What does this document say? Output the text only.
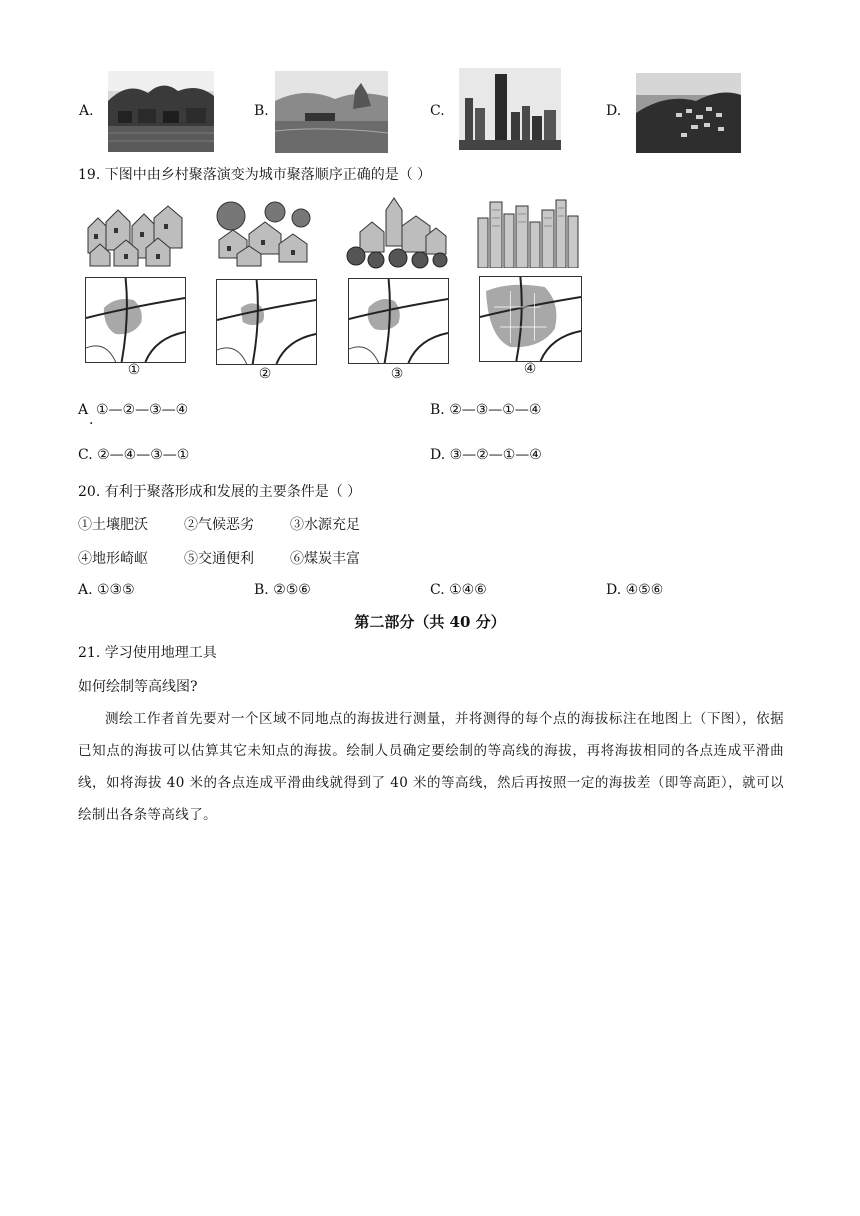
A.	B.	C.	D.
19. 下图中由乡村聚落演变为城市聚落顺序正确的是（ ）
①	②	③	④
A ①—②—③—④
.
B. ②—③—①—④
C. ②—④—③—①	D. ③—②—①—④
20. 有利于聚落形成和发展的主要条件是（ ）
①土壤肥沃	②气候恶劣	③水源充足
④地形崎岖	⑤交通便利	⑥煤炭丰富
A. ①③⑤	B. ②⑤⑥	C. ①④⑥	D. ④⑤⑥
第二部分（共 40 分）
21. 学习使用地理工具
如何绘制等高线图?
测绘工作者首先要对一个区域不同地点的海拔进行测量，并将测得的每个点的海拔标注在地图上（下图），依据已知点的海拔可以估算其它未知点的海拔。绘制人员确定要绘制的等高线的海拔，再将海拔相同的各点连成平滑曲线，如将海拔 40 米的各点连成平滑曲线就得到了 40 米的等高线，然后再按照一定的海拔差（即等高距），就可以绘制出各条等高线了。
